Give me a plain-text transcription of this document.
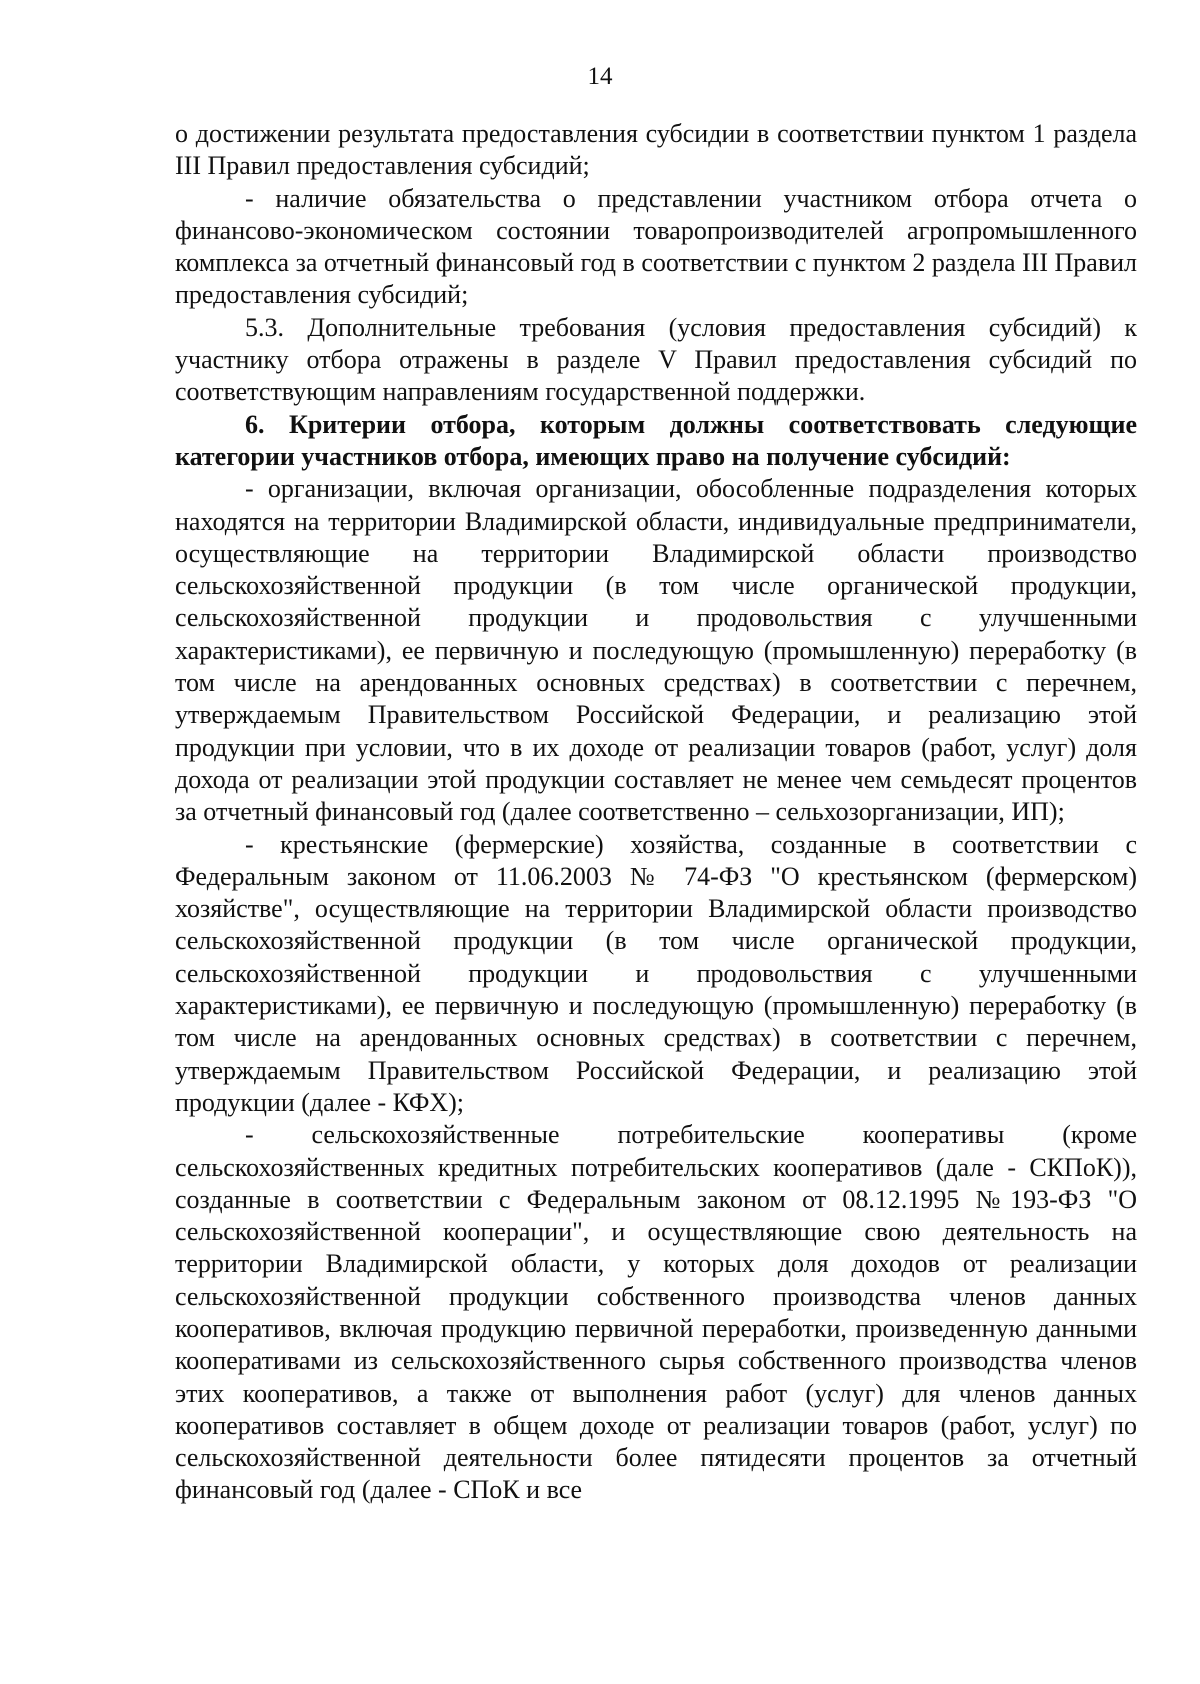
14

о достижении результата предоставления субсидии в соответствии пунктом 1 раздела III Правил предоставления субсидий;

- наличие обязательства о представлении участником отбора отчета о финансово-экономическом состоянии товаропроизводителей агропромышленного комплекса за отчетный финансовый год в соответствии с пунктом 2 раздела III Правил предоставления субсидий;

5.3. Дополнительные требования (условия предоставления субсидий) к участнику отбора отражены в разделе V Правил предоставления субсидий по соответствующим направлениям государственной поддержки.

6. Критерии отбора, которым должны соответствовать следующие категории участников отбора, имеющих право на получение субсидий:

- организации, включая организации, обособленные подразделения которых находятся на территории Владимирской области, индивидуальные предприниматели, осуществляющие на территории Владимирской области производство сельскохозяйственной продукции (в том числе органической продукции, сельскохозяйственной продукции и продовольствия с улучшенными характеристиками), ее первичную и последующую (промышленную) переработку (в том числе на арендованных основных средствах) в соответствии с перечнем, утверждаемым Правительством Российской Федерации, и реализацию этой продукции при условии, что в их доходе от реализации товаров (работ, услуг) доля дохода от реализации этой продукции составляет не менее чем семьдесят процентов за отчетный финансовый год (далее соответственно – сельхозорганизации, ИП);

- крестьянские (фермерские) хозяйства, созданные в соответствии с Федеральным законом от 11.06.2003 № 74-ФЗ "О крестьянском (фермерском) хозяйстве", осуществляющие на территории Владимирской области производство сельскохозяйственной продукции (в том числе органической продукции, сельскохозяйственной продукции и продовольствия с улучшенными характеристиками), ее первичную и последующую (промышленную) переработку (в том числе на арендованных основных средствах) в соответствии с перечнем, утверждаемым Правительством Российской Федерации, и реализацию этой продукции (далее - КФХ);

- сельскохозяйственные потребительские кооперативы (кроме сельскохозяйственных кредитных потребительских кооперативов (дале - СКПоК)), созданные в соответствии с Федеральным законом от 08.12.1995 №193-ФЗ "О сельскохозяйственной кооперации", и осуществляющие свою деятельность на территории Владимирской области, у которых доля доходов от реализации сельскохозяйственной продукции собственного производства членов данных кооперативов, включая продукцию первичной переработки, произведенную данными кооперативами из сельскохозяйственного сырья собственного производства членов этих кооперативов, а также от выполнения работ (услуг) для членов данных кооперативов составляет в общем доходе от реализации товаров (работ, услуг) по сельскохозяйственной деятельности более пятидесяти процентов за отчетный финансовый год (далее - СПоК и все
